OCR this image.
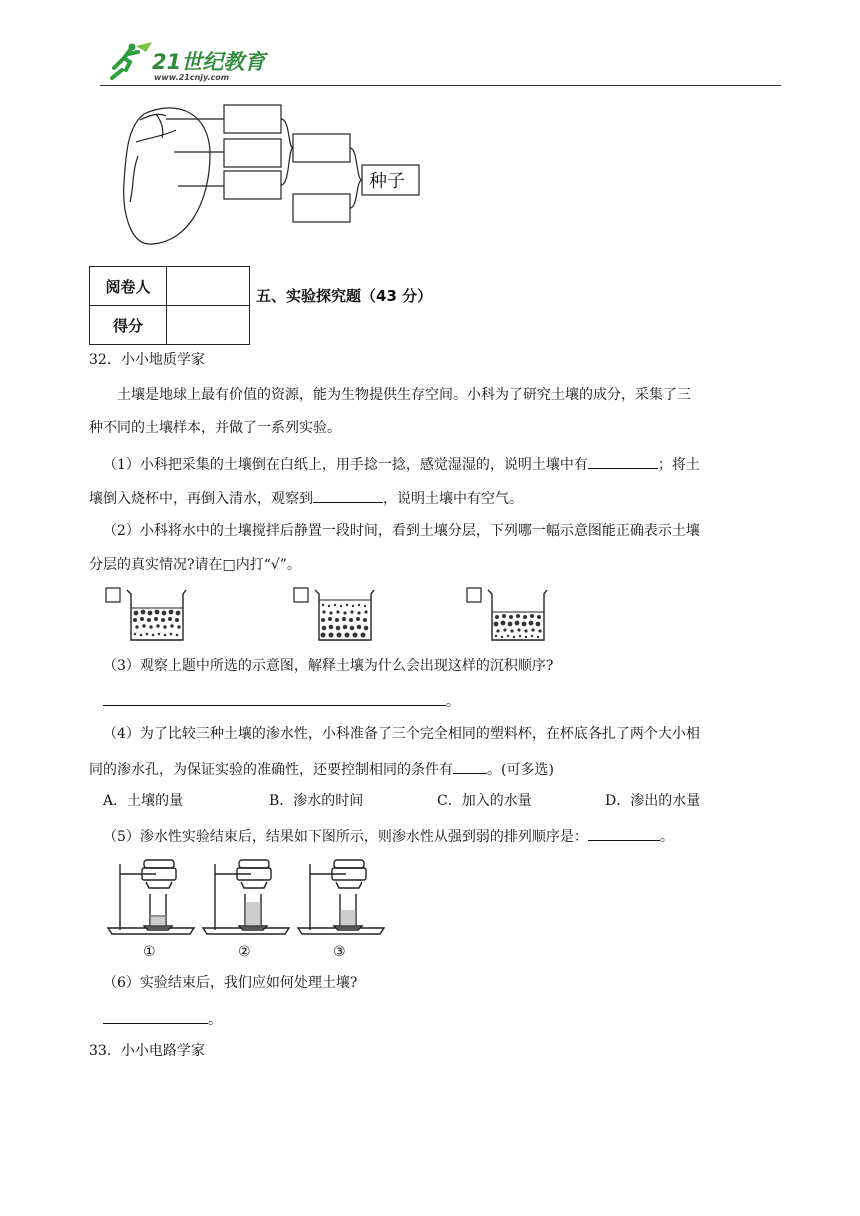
21世纪教育
www.21cnjy.com
种子
阅卷人	
得分	
五、实验探究题（43 分）
32．小小地质学家
土壤是地球上最有价值的资源，能为生物提供生存空间。小科为了研究土壤的成分，采集了三
种不同的土壤样本，并做了一系列实验。
（1）小科把采集的土壤倒在白纸上，用手捻一捻，感觉湿湿的，说明土壤中有	；将土
壤倒入烧杯中，再倒入清水，观察到	，说明土壤中有空气。
（2）小科将水中的土壤搅拌后静置一段时间，看到土壤分层，下列哪一幅示意图能正确表示土壤
分层的真实情况?请在□内打“√”。
（3）观察上题中所选的示意图，解释土壤为什么会出现这样的沉积顺序?
。
（4）为了比较三种土壤的渗水性，小科准备了三个完全相同的塑料杯，在杯底各扎了两个大小相
同的渗水孔，为保证实验的准确性，还要控制相同的条件有 。(可多选)
A．土壤的量	B．渗水的时间	C．加入的水量	D．渗出的水量
（5）渗水性实验结束后，结果如下图所示，则渗水性从强到弱的排列顺序是：	。
①	②	③
（6）实验结束后，我们应如何处理土壤?
。
33．小小电路学家
